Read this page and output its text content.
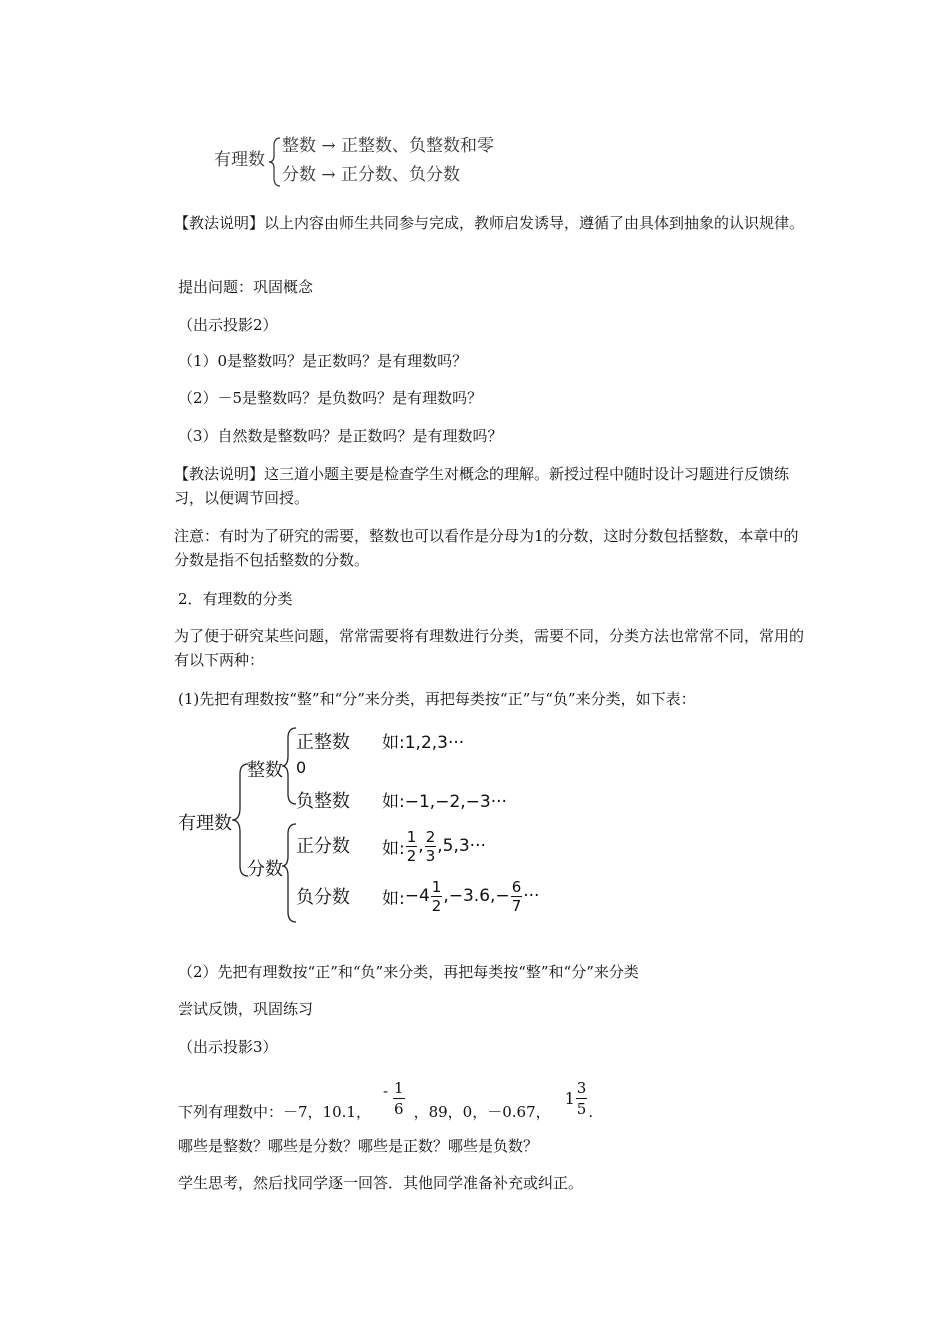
有理数
整数 → 正整数、负整数和零
分数 → 正分数、负分数
【教法说明】以上内容由师生共同参与完成，教师启发诱导，遵循了由具体到抽象的认识规律。
提出问题：巩固概念
（出示投影2）
（1）0是整数吗？是正数吗？是有理数吗？
（2）－5是整数吗？是负数吗？是有理数吗？
（3）自然数是整数吗？是正数吗？是有理数吗？
【教法说明】这三道小题主要是检查学生对概念的理解。新授过程中随时设计习题进行反馈练习，以便调节回授。
注意：有时为了研究的需要，整数也可以看作是分母为1的分数，这时分数包括整数，本章中的分数是指不包括整数的分数。
2．有理数的分类
为了便于研究某些问题，常常需要将有理数进行分类，需要不同，分类方法也常常不同，常用的有以下两种：
(1)先把有理数按“整”和“分”来分类，再把每类按“正”与“负”来分类，如下表：
有理数
整数
分数
正整数
0
负整数
正分数
负分数
如:1,2,3···
如:−1,−2,−3···
如: $\frac{1}{2}$ , $\frac{2}{3} ,5,3\cdot\cdot\cdot$
如: $-4 \frac{1}{2} ,-3.6,- \frac{6}{7}$ ···
（2）先把有理数按“正”和“负”来分类，再把每类按“整”和“分”来分类
尝试反馈，巩固练习
（出示投影3）
下列有理数中：－7，10.1，
- $\frac{1}{6}$ ，89，0，－0.67，
$1 \frac{3}{5}$ .
哪些是整数？哪些是分数？哪些是正数？哪些是负数？
学生思考，然后找同学逐一回答．其他同学准备补充或纠正。
